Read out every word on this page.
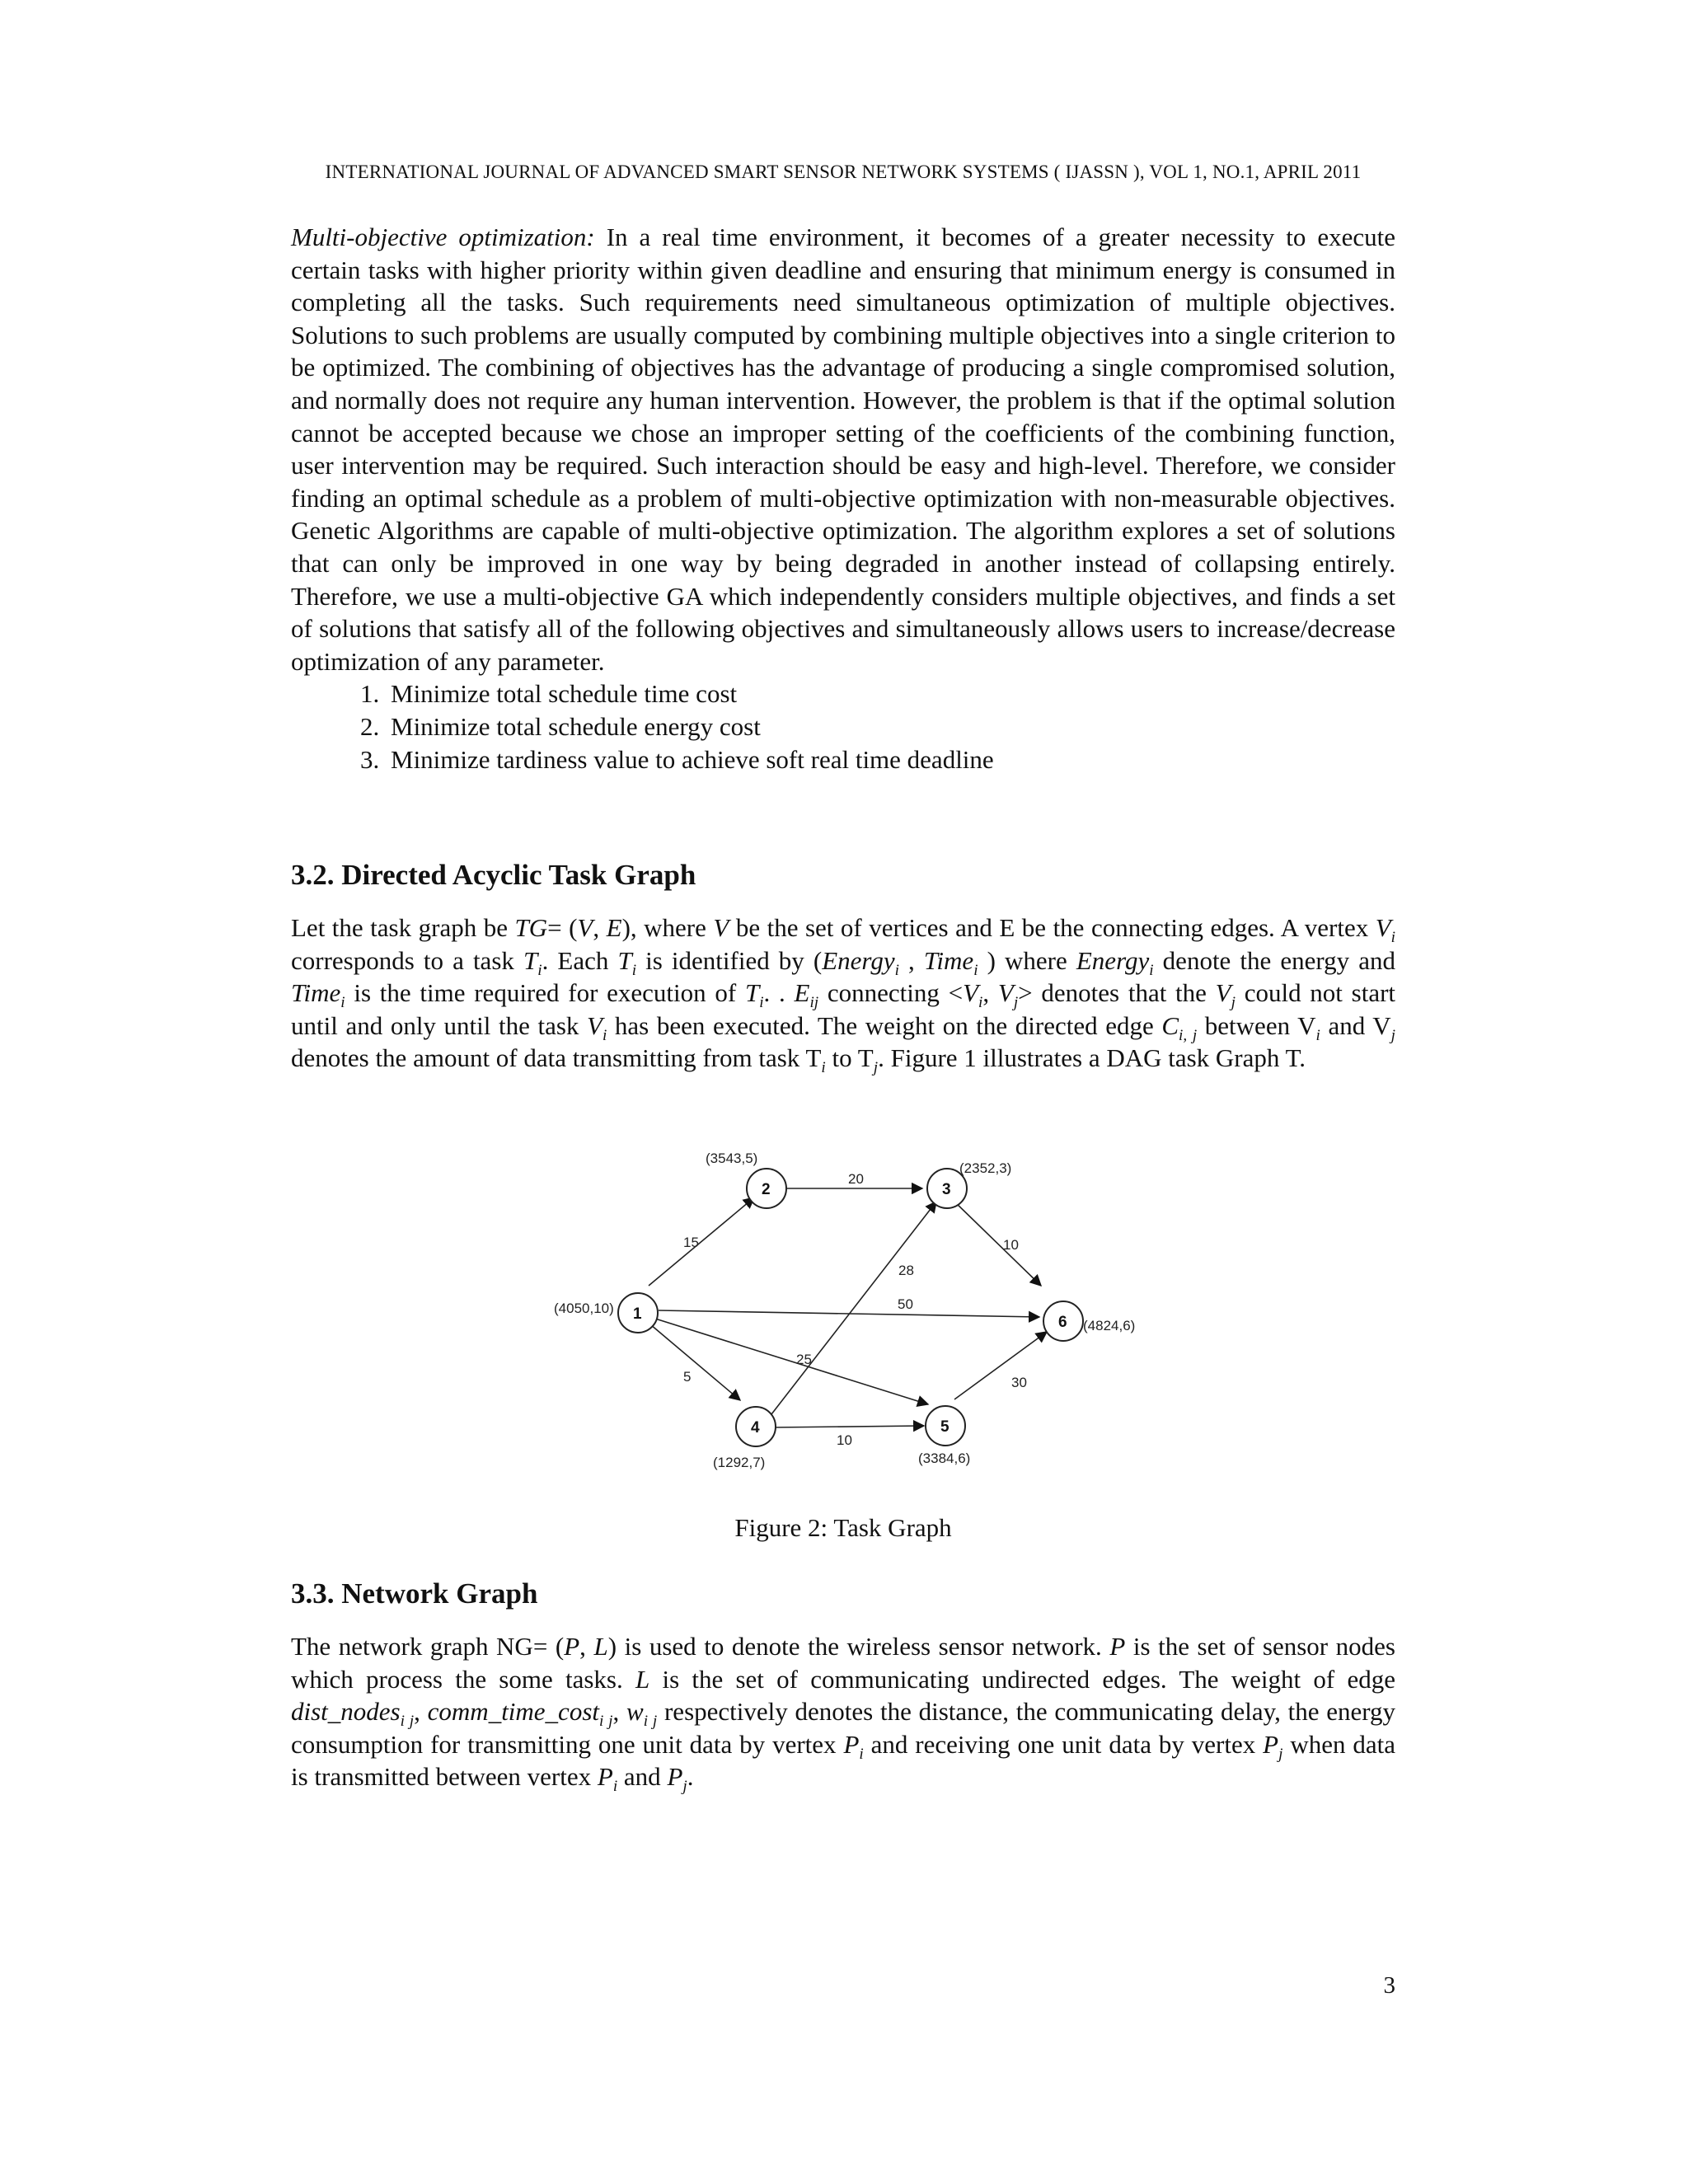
INTERNATIONAL JOURNAL OF ADVANCED SMART SENSOR NETWORK SYSTEMS ( IJASSN ), VOL 1, NO.1, APRIL 2011

Multi-objective optimization: In a real time environment, it becomes of a greater necessity to execute certain tasks with higher priority within given deadline and ensuring that minimum energy is consumed in completing all the tasks. Such requirements need simultaneous optimization of multiple objectives. Solutions to such problems are usually computed by combining multiple objectives into a single criterion to be optimized. The combining of objectives has the advantage of producing a single compromised solution, and normally does not require any human intervention. However, the problem is that if the optimal solution cannot be accepted because we chose an improper setting of the coefficients of the combining function, user intervention may be required. Such interaction should be easy and high-level. Therefore, we consider finding an optimal schedule as a problem of multi-objective optimization with non-measurable objectives. Genetic Algorithms are capable of multi-objective optimization. The algorithm explores a set of solutions that can only be improved in one way by being degraded in another instead of collapsing entirely. Therefore, we use a multi-objective GA which independently considers multiple objectives, and finds a set of solutions that satisfy all of the following objectives and simultaneously allows users to increase/decrease optimization of any parameter.

1. Minimize total schedule time cost
2. Minimize total schedule energy cost
3. Minimize tardiness value to achieve soft real time deadline
3.2. Directed Acyclic Task Graph

Let the task graph be TG= (V, E), where V be the set of vertices and E be the connecting edges. A vertex $V_i$ corresponds to a task $T_i$. Each $T_i$ is identified by (Energy$_i$ , Time$_i$ ) where Energy$_i$ denote the energy and Time$_i$ is the time required for execution of $T_i$. . $E_{ij}$ connecting $<V_i$, $V_j>$ denotes that the $V_j$ could not start until and only until the task $V_i$ has been executed. The weight on the directed edge $C_{i, j}$ between $V_i$ and $V_j$ denotes the amount of data transmitting from task $T_i$ to $T_j$. Figure 1 illustrates a DAG task Graph T.

15
20
10
28
50
25
5	30
10
1
(4050,10)
2
(3543,5)
3
(2352,3)
4
(1292,7)
5
(3384,6)
6 (4824,6)
Figure 2: Task Graph
3.3. Network Graph

The network graph NG= (P, L) is used to denote the wireless sensor network. P is the set of sensor nodes which process the some tasks. L is the set of communicating undirected edges. The weight of edge dist_nodes$_{i j}$, comm_time_cost$_{i j}$, $w_{i j}$ respectively denotes the distance, the communicating delay, the energy consumption for transmitting one unit data by vertex $P_i$ and receiving one unit data by vertex $P_j$ when data is transmitted between vertex $P_i$ and $P_j$.

3
